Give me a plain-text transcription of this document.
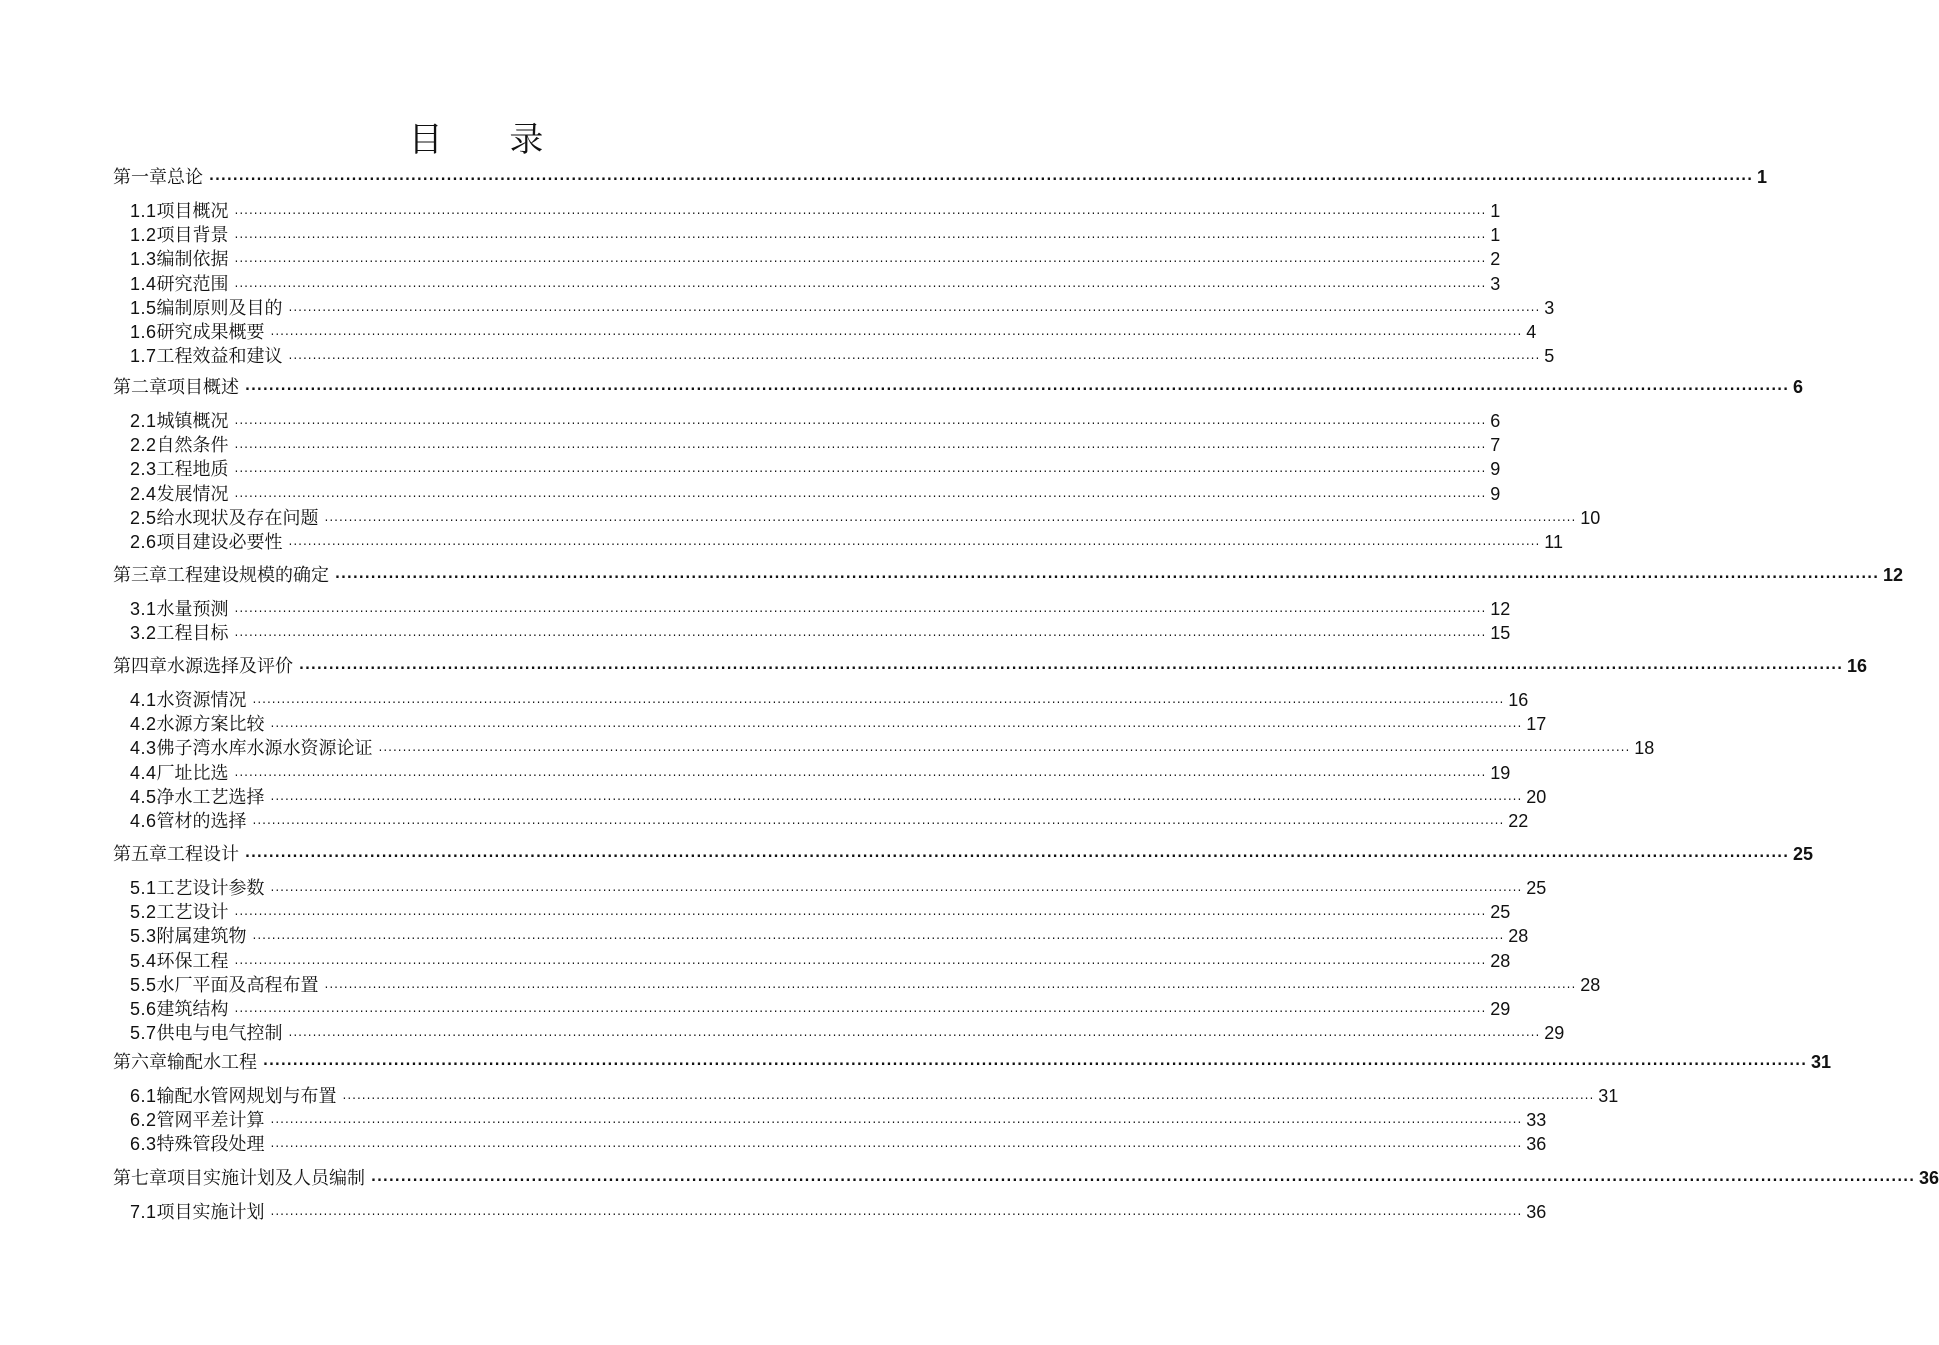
目 录
第一章 总论 .................................................................................................................................................................................................................................................................... 1
1.1 项目概况 .................................................................................................................................................................................................................................................................... 1
1.2 项目背景 .................................................................................................................................................................................................................................................................... 1
1.3 编制依据 .................................................................................................................................................................................................................................................................... 2
1.4 研究范围 .................................................................................................................................................................................................................................................................... 3
1.5 编制原则及目的 .................................................................................................................................................................................................................................................................... 3
1.6 研究成果概要 .................................................................................................................................................................................................................................................................... 4
1.7 工程效益和建议 .................................................................................................................................................................................................................................................................... 5
第二章 项目概述 .................................................................................................................................................................................................................................................................... 6
2.1 城镇概况 .................................................................................................................................................................................................................................................................... 6
2.2 自然条件 .................................................................................................................................................................................................................................................................... 7
2.3 工程地质 .................................................................................................................................................................................................................................................................... 9
2.4 发展情况 .................................................................................................................................................................................................................................................................... 9
2.5 给水现状及存在问题 .................................................................................................................................................................................................................................................................... 10
2.6 项目建设必要性 .................................................................................................................................................................................................................................................................... 11
第三章 工程建设规模的确定 .................................................................................................................................................................................................................................................................... 12
3.1 水量预测 .................................................................................................................................................................................................................................................................... 12
3.2 工程目标 .................................................................................................................................................................................................................................................................... 15
第四章 水源选择及评价 .................................................................................................................................................................................................................................................................... 16
4.1 水资源情况 .................................................................................................................................................................................................................................................................... 16
4.2 水源方案比较 .................................................................................................................................................................................................................................................................... 17
4.3 佛子湾水库水源水资源论证 .................................................................................................................................................................................................................................................................... 18
4.4 厂址比选 .................................................................................................................................................................................................................................................................... 19
4.5 净水工艺选择 .................................................................................................................................................................................................................................................................... 20
4.6 管材的选择 .................................................................................................................................................................................................................................................................... 22
第五章 工程设计 .................................................................................................................................................................................................................................................................... 25
5.1 工艺设计参数 .................................................................................................................................................................................................................................................................... 25
5.2 工艺设计 .................................................................................................................................................................................................................................................................... 25
5.3 附属建筑物 .................................................................................................................................................................................................................................................................... 28
5.4 环保工程 .................................................................................................................................................................................................................................................................... 28
5.5 水厂平面及高程布置 .................................................................................................................................................................................................................................................................... 28
5.6 建筑结构 .................................................................................................................................................................................................................................................................... 29
5.7 供电与电气控制 .................................................................................................................................................................................................................................................................... 29
第六章 输配水工程 .................................................................................................................................................................................................................................................................... 31
6.1 输配水管网规划与布置 .................................................................................................................................................................................................................................................................... 31
6.2 管网平差计算 .................................................................................................................................................................................................................................................................... 33
6.3 特殊管段处理 .................................................................................................................................................................................................................................................................... 36
第七章 项目实施计划及人员编制 .................................................................................................................................................................................................................................................................... 36
7.1 项目实施计划 .................................................................................................................................................................................................................................................................... 36
